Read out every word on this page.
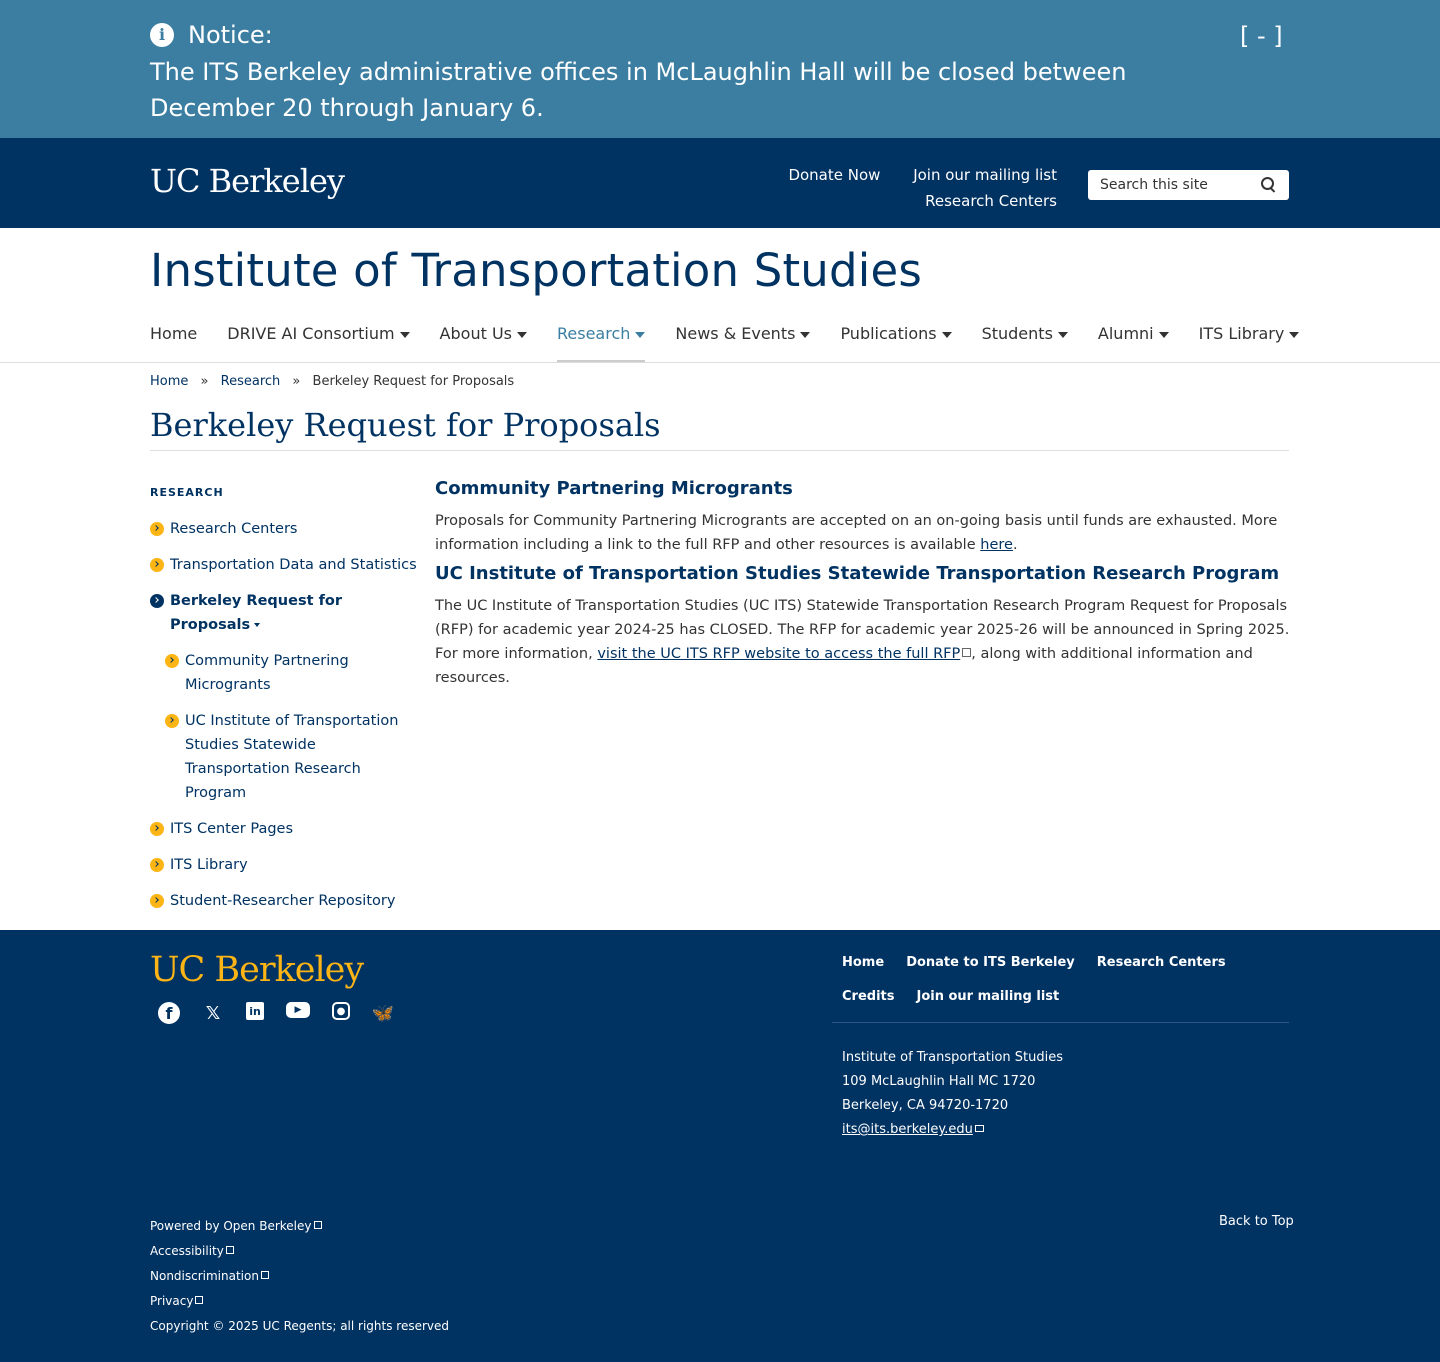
i Notice:
The ITS Berkeley administrative offices in McLaughlin Hall will be closed between December 20 through January 6.
[ - ]
UC Berkeley	Donate Now Join our mailing list
Research Centers
Search this site
Institute of Transportation Studies
Home DRIVE AI Consortium	About Us	Research	News & Events	Publications	Students	Alumni	ITS Library
Home » Research » Berkeley Request for Proposals
Berkeley Request for Proposals
RESEARCH
Research Centers
Transportation Data and Statistics
Berkeley Request for Proposals
Community Partnering Microgrants
UC Institute of Transportation Studies Statewide Transportation Research Program
ITS Center Pages
ITS Library
Student-Researcher Repository
Community Partnering Microgrants

Proposals for Community Partnering Microgrants are accepted on an on-going basis until funds are exhausted. More information including a link to the full RFP and other resources is available here.

UC Institute of Transportation Studies Statewide Transportation Research Program

The UC Institute of Transportation Studies (UC ITS) Statewide Transportation Research Program Request for Proposals (RFP) for academic year 2024-25 has CLOSED. The RFP for academic year 2025-26 will be announced in Spring 2025. For more information, visit the UC ITS RFP website to access the full RFP , along with additional information and resources.

UC Berkeley
f	𝕏	in	▶	● 🦋
Home Donate to ITS Berkeley Research Centers
Credits Join our mailing list
Institute of Transportation Studies
109 McLaughlin Hall MC 1720
Berkeley, CA 94720-1720
its@its.berkeley.edu
Powered by Open Berkeley
Accessibility
Nondiscrimination
Privacy
Copyright © 2025 UC Regents; all rights reserved
Back to Top
